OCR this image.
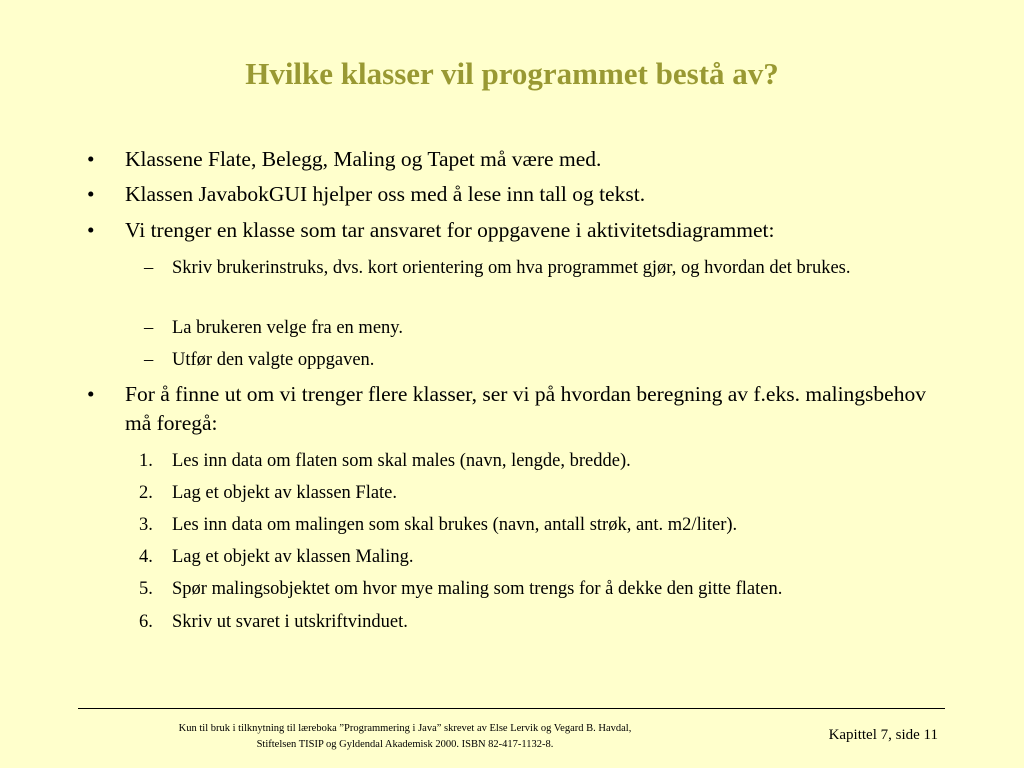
Hvilke klasser vil programmet bestå av?
• Klassene Flate, Belegg, Maling og Tapet må være med.
• Klassen JavabokGUI hjelper oss med å lese inn tall og tekst.
• Vi trenger en klasse som tar ansvaret for oppgavene i aktivitetsdiagrammet:
– Skriv brukerinstruks, dvs. kort orientering om hva programmet gjør, og hvordan det brukes.
– La brukeren velge fra en meny.
– Utfør den valgte oppgaven.
• For å finne ut om vi trenger flere klasser, ser vi på hvordan beregning av f.eks. malingsbehov må foregå:
1. Les inn data om flaten som skal males (navn, lengde, bredde).
2. Lag et objekt av klassen Flate.
3. Les inn data om malingen som skal brukes (navn, antall strøk, ant. m2/liter).
4. Lag et objekt av klassen Maling.
5. Spør malingsobjektet om hvor mye maling som trengs for å dekke den gitte flaten.
6. Skriv ut svaret i utskriftvinduet.
Kun til bruk i tilknytning til læreboka ”Programmering i Java” skrevet av Else Lervik og Vegard B. Havdal,
Stiftelsen TISIP og Gyldendal Akademisk 2000. ISBN 82-417-1132-8.
Kapittel 7, side 11
